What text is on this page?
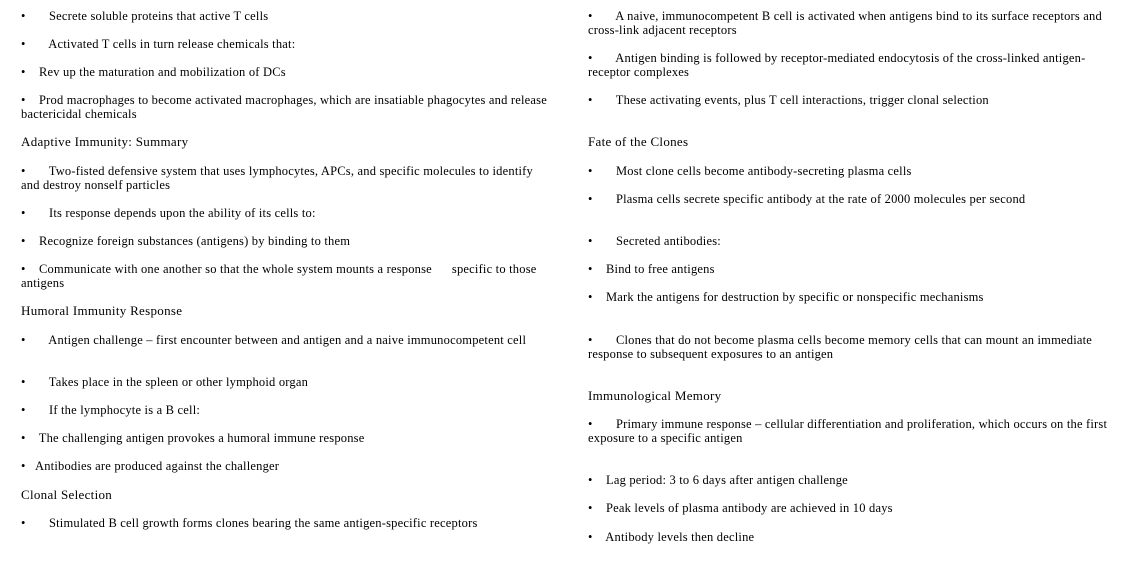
• Secrete soluble proteins that active T cells
• Activated T cells in turn release chemicals that:
• Rev up the maturation and mobilization of DCs
• Prod macrophages to become activated macrophages, which are insatiable phagocytes and release bactericidal chemicals
Adaptive Immunity: Summary
• Two-fisted defensive system that uses lymphocytes, APCs, and specific molecules to identify and destroy nonself particles
• Its response depends upon the ability of its cells to:
• Recognize foreign substances (antigens) by binding to them
• Communicate with one another so that the whole system mounts a response      specific to those antigens
Humoral Immunity Response
• Antigen challenge – first encounter between and antigen and a naive immunocompetent cell
• Takes place in the spleen or other lymphoid organ
• If the lymphocyte is a B cell:
• The challenging antigen provokes a humoral immune response
• Antibodies are produced against the challenger
Clonal Selection
• Stimulated B cell growth forms clones bearing the same antigen-specific receptors
• A naive, immunocompetent B cell is activated when antigens bind to its surface receptors and cross-link adjacent receptors
• Antigen binding is followed by receptor-mediated endocytosis of the cross-linked antigen-receptor complexes
• These activating events, plus T cell interactions, trigger clonal selection
Fate of the Clones
• Most clone cells become antibody-secreting plasma cells
• Plasma cells secrete specific antibody at the rate of 2000 molecules per second
• Secreted antibodies:
• Bind to free antigens
• Mark the antigens for destruction by specific or nonspecific mechanisms
• Clones that do not become plasma cells become memory cells that can mount an immediate response to subsequent exposures to an antigen
Immunological Memory
• Primary immune response – cellular differentiation and proliferation, which occurs on the first exposure to a specific antigen
• Lag period: 3 to 6 days after antigen challenge
• Peak levels of plasma antibody are achieved in 10 days
• Antibody levels then decline
